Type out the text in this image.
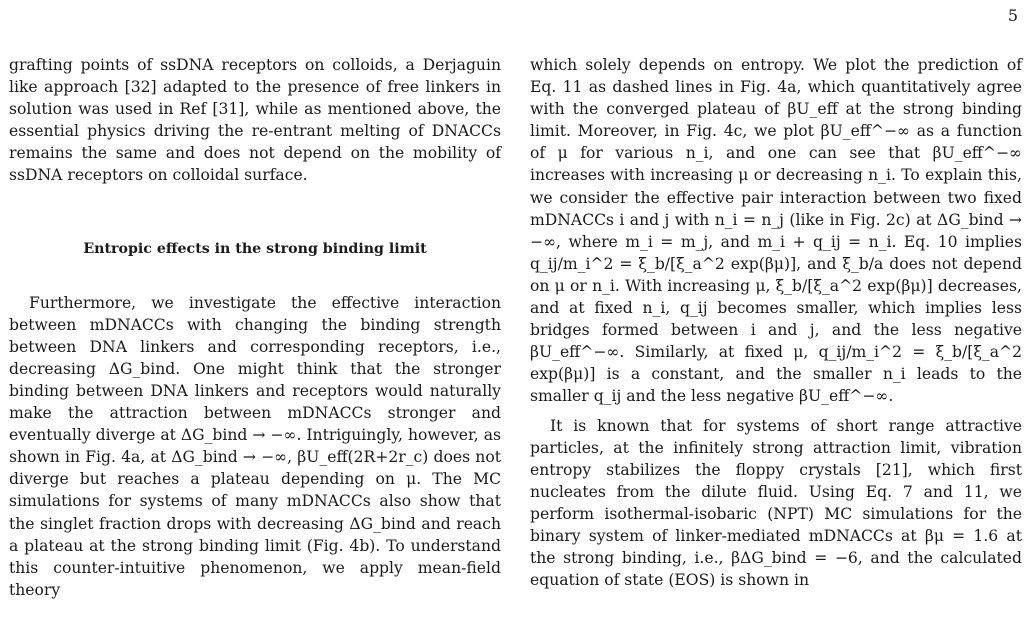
5

grafting points of ssDNA receptors on colloids, a Derjaguin like approach [32] adapted to the presence of free linkers in solution was used in Ref [31], while as mentioned above, the essential physics driving the re-entrant melting of DNACCs remains the same and does not depend on the mobility of ssDNA receptors on colloidal surface.

Entropic effects in the strong binding limit

Furthermore, we investigate the effective interaction between mDNACCs with changing the binding strength between DNA linkers and corresponding receptors, i.e., decreasing ΔG_bind. One might think that the stronger binding between DNA linkers and receptors would naturally make the attraction between mDNACCs stronger and eventually diverge at ΔG_bind → −∞. Intriguingly, however, as shown in Fig. 4a, at ΔG_bind → −∞, βU_eff(2R+2r_c) does not diverge but reaches a plateau depending on μ. The MC simulations for systems of many mDNACCs also show that the singlet fraction drops with decreasing ΔG_bind and reach a plateau at the strong binding limit (Fig. 4b). To understand this counter-intuitive phenomenon, we apply mean-field theory

which solely depends on entropy. We plot the prediction of Eq. 11 as dashed lines in Fig. 4a, which quantitatively agree with the converged plateau of βU_eff at the strong binding limit. Moreover, in Fig. 4c, we plot βU_eff^−∞ as a function of μ for various n_i, and one can see that βU_eff^−∞ increases with increasing μ or decreasing n_i. To explain this, we consider the effective pair interaction between two fixed mDNACCs i and j with n_i = n_j (like in Fig. 2c) at ΔG_bind → −∞, where m_i = m_j, and m_i + q_ij = n_i. Eq. 10 implies q_ij/m_i^2 = ξ_b/[ξ_a^2 exp(βμ)], and ξ_b/a does not depend on μ or n_i. With increasing μ, ξ_b/[ξ_a^2 exp(βμ)] decreases, and at fixed n_i, q_ij becomes smaller, which implies less bridges formed between i and j, and the less negative βU_eff^−∞. Similarly, at fixed μ, q_ij/m_i^2 = ξ_b/[ξ_a^2 exp(βμ)] is a constant, and the smaller n_i leads to the smaller q_ij and the less negative βU_eff^−∞.

It is known that for systems of short range attractive particles, at the infinitely strong attraction limit, vibration entropy stabilizes the floppy crystals [21], which first nucleates from the dilute fluid. Using Eq. 7 and 11, we perform isothermal-isobaric (NPT) MC simulations for the binary system of linker-mediated mDNACCs at βμ = 1.6 at the strong binding, i.e., βΔG_bind = −6, and the calculated equation of state (EOS) is shown in
